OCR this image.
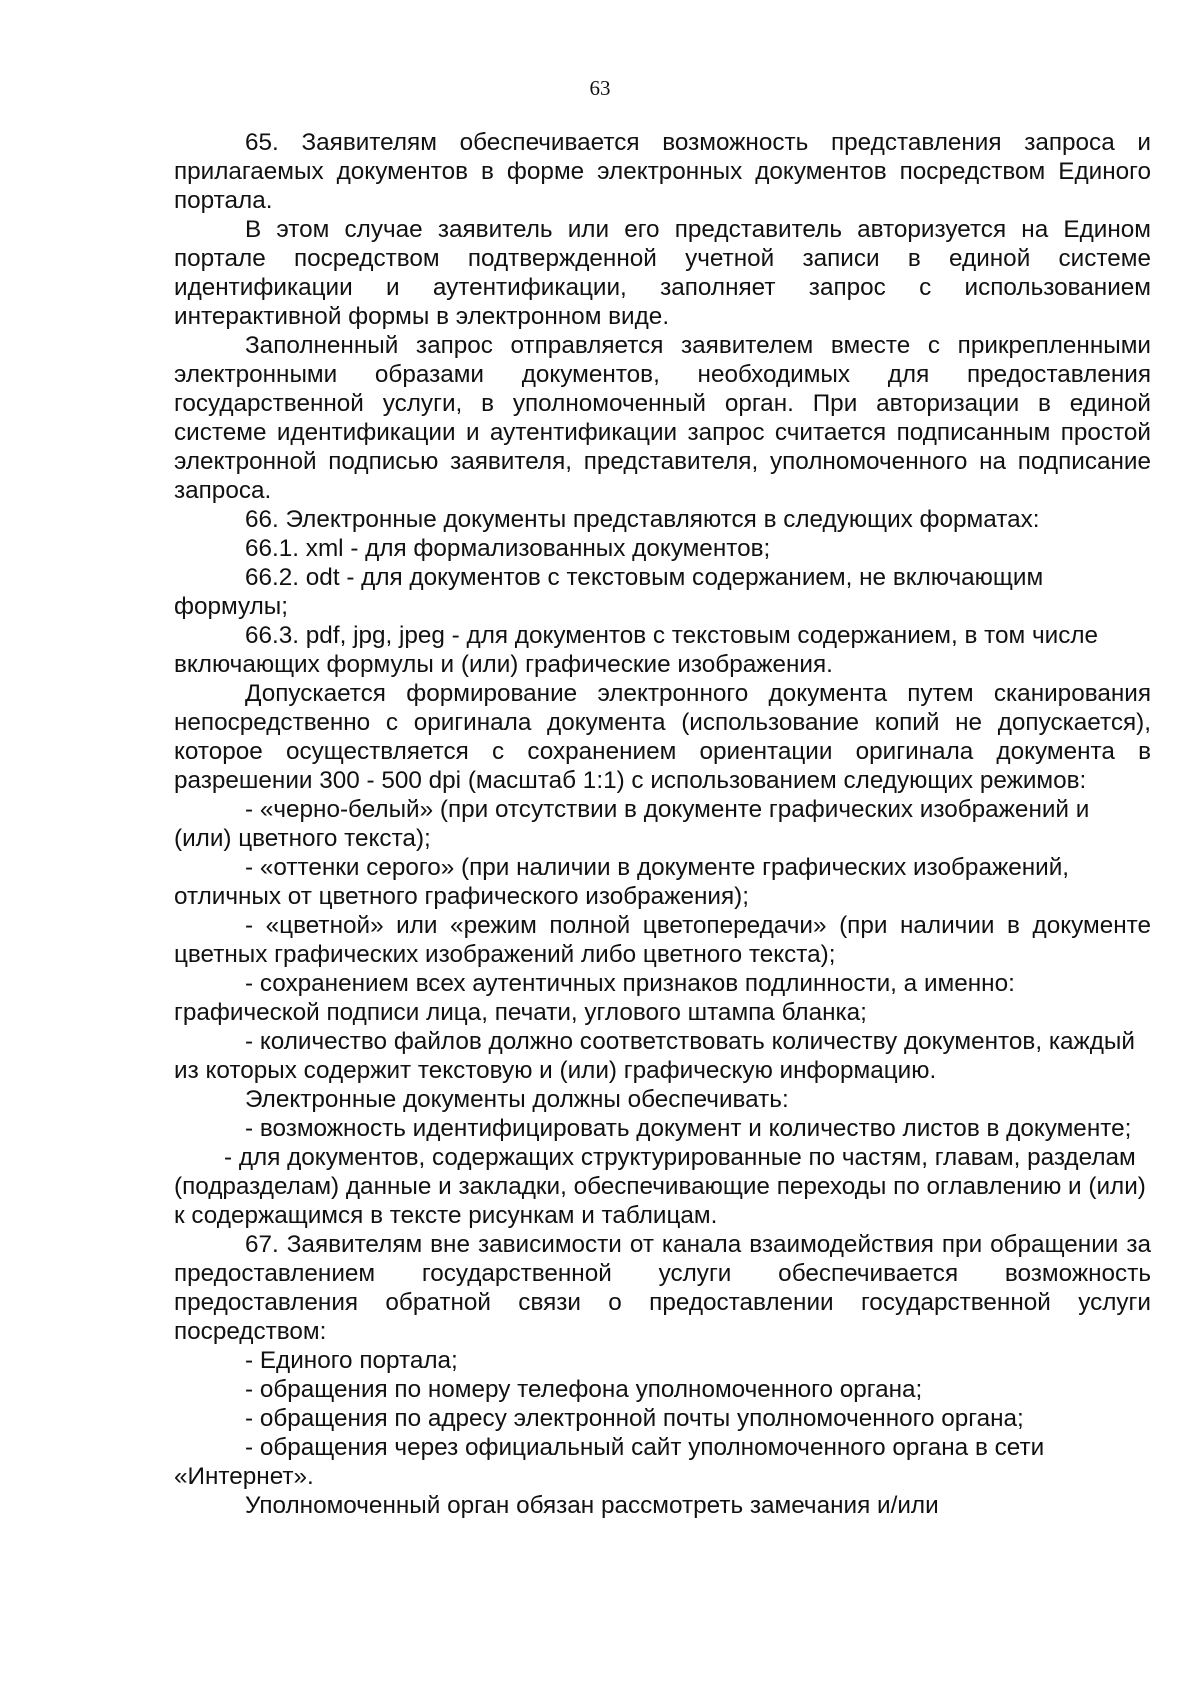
63

65. Заявителям обеспечивается возможность представления запроса и прилагаемых документов в форме электронных документов посредством Единого портала.

В этом случае заявитель или его представитель авторизуется на Едином портале посредством подтвержденной учетной записи в единой системе идентификации и аутентификации, заполняет запрос с использованием интерактивной формы в электронном виде.

Заполненный запрос отправляется заявителем вместе с прикрепленными электронными образами документов, необходимых для предоставления государственной услуги, в уполномоченный орган. При авторизации в единой системе идентификации и аутентификации запрос считается подписанным простой электронной подписью заявителя, представителя, уполномоченного на подписание запроса.

66. Электронные документы представляются в следующих форматах:

66.1. xml - для формализованных документов;

66.2. odt - для документов с текстовым содержанием, не включающим формулы;

66.3. pdf, jpg, jpeg - для документов с текстовым содержанием, в том числе включающих формулы и (или) графические изображения.

Допускается формирование электронного документа путем сканирования непосредственно с оригинала документа (использование копий не допускается), которое осуществляется с сохранением ориентации оригинала документа в разрешении 300 - 500 dpi (масштаб 1:1) с использованием следующих режимов:

- «черно-белый» (при отсутствии в документе графических изображений и (или) цветного текста);

- «оттенки серого» (при наличии в документе графических изображений, отличных от цветного графического изображения);

- «цветной» или «режим полной цветопередачи» (при наличии в документе цветных графических изображений либо цветного текста);

- сохранением всех аутентичных признаков подлинности, а именно: графической подписи лица, печати, углового штампа бланка;

- количество файлов должно соответствовать количеству документов, каждый из которых содержит текстовую и (или) графическую информацию.

Электронные документы должны обеспечивать:

- возможность идентифицировать документ и количество листов в документе;

- для документов, содержащих структурированные по частям, главам, разделам (подразделам) данные и закладки, обеспечивающие переходы по оглавлению и (или) к содержащимся в тексте рисункам и таблицам.

67. Заявителям вне зависимости от канала взаимодействия при обращении за предоставлением государственной услуги обеспечивается возможность предоставления обратной связи о предоставлении государственной услуги посредством:

- Единого портала;

- обращения по номеру телефона уполномоченного органа;

- обращения по адресу электронной почты уполномоченного органа;

- обращения через официальный сайт уполномоченного органа в сети «Интернет».

Уполномоченный орган обязан рассмотреть замечания и/или
